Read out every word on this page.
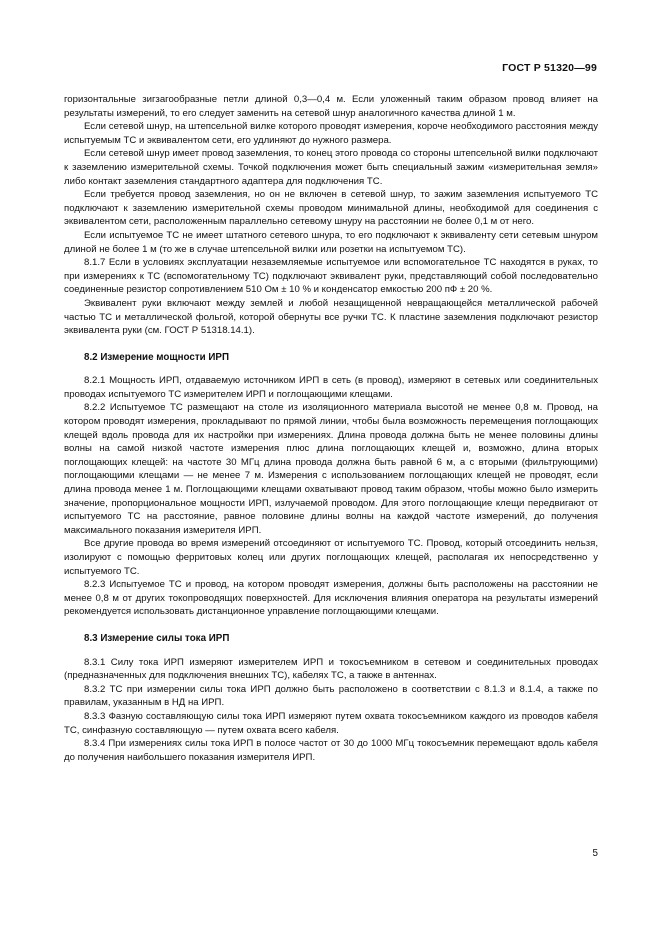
ГОСТ Р 51320—99

горизонтальные зигзагообразные петли длиной 0,3—0,4 м. Если уложенный таким образом провод влияет на результаты измерений, то его следует заменить на сетевой шнур аналогичного качества длиной 1 м.

Если сетевой шнур, на штепсельной вилке которого проводят измерения, короче необходимого расстояния между испытуемым ТС и эквивалентом сети, его удлиняют до нужного размера.

Если сетевой шнур имеет провод заземления, то конец этого провода со стороны штепсельной вилки подключают к заземлению измерительной схемы. Точкой подключения может быть специальный зажим «измерительная земля» либо контакт заземления стандартного адаптера для подключения ТС.

Если требуется провод заземления, но он не включен в сетевой шнур, то зажим заземления испытуемого ТС подключают к заземлению измерительной схемы проводом минимальной длины, необходимой для соединения с эквивалентом сети, расположенным параллельно сетевому шнуру на расстоянии не более 0,1 м от него.

Если испытуемое ТС не имеет штатного сетевого шнура, то его подключают к эквиваленту сети сетевым шнуром длиной не более 1 м (то же в случае штепсельной вилки или розетки на испытуемом ТС).

8.1.7 Если в условиях эксплуатации незаземляемые испытуемое или вспомогательное ТС находятся в руках, то при измерениях к ТС (вспомогательному ТС) подключают эквивалент руки, представляющий собой последовательно соединенные резистор сопротивлением 510 Ом ± 10 % и конденсатор емкостью 200 пФ ± 20 %.

Эквивалент руки включают между землей и любой незащищенной невращающейся металлической рабочей частью ТС и металлической фольгой, которой обернуты все ручки ТС. К пластине заземления подключают резистор эквивалента руки (см. ГОСТ Р 51318.14.1).

8.2 Измерение мощности ИРП

8.2.1 Мощность ИРП, отдаваемую источником ИРП в сеть (в провод), измеряют в сетевых или соединительных проводах испытуемого ТС измерителем ИРП и поглощающими клещами.

8.2.2 Испытуемое ТС размещают на столе из изоляционного материала высотой не менее 0,8 м. Провод, на котором проводят измерения, прокладывают по прямой линии, чтобы была возможность перемещения поглощающих клещей вдоль провода для их настройки при измерениях. Длина провода должна быть не менее половины длины волны на самой низкой частоте измерения плюс длина поглощающих клещей и, возможно, длина вторых поглощающих клещей: на частоте 30 МГц длина провода должна быть равной 6 м, а с вторыми (фильтрующими) поглощающими клещами — не менее 7 м. Измерения с использованием поглощающих клещей не проводят, если длина провода менее 1 м. Поглощающими клещами охватывают провод таким образом, чтобы можно было измерить значение, пропорциональное мощности ИРП, излучаемой проводом. Для этого поглощающие клещи передвигают от испытуемого ТС на расстояние, равное половине длины волны на каждой частоте измерений, до получения максимального показания измерителя ИРП.

Все другие провода во время измерений отсоединяют от испытуемого ТС. Провод, который отсоединить нельзя, изолируют с помощью ферритовых колец или других поглощающих клещей, располагая их непосредственно у испытуемого ТС.

8.2.3 Испытуемое ТС и провод, на котором проводят измерения, должны быть расположены на расстоянии не менее 0,8 м от других токопроводящих поверхностей. Для исключения влияния оператора на результаты измерений рекомендуется использовать дистанционное управление поглощающими клещами.

8.3 Измерение силы тока ИРП

8.3.1 Силу тока ИРП измеряют измерителем ИРП и токосъемником в сетевом и соединительных проводах (предназначенных для подключения внешних ТС), кабелях ТС, а также в антеннах.

8.3.2 ТС при измерении силы тока ИРП должно быть расположено в соответствии с 8.1.3 и 8.1.4, а также по правилам, указанным в НД на ИРП.

8.3.3 Фазную составляющую силы тока ИРП измеряют путем охвата токосъемником каждого из проводов кабеля ТС, синфазную составляющую — путем охвата всего кабеля.

8.3.4 При измерениях силы тока ИРП в полосе частот от 30 до 1000 МГц токосъемник перемещают вдоль кабеля до получения наибольшего показания измерителя ИРП.

5
